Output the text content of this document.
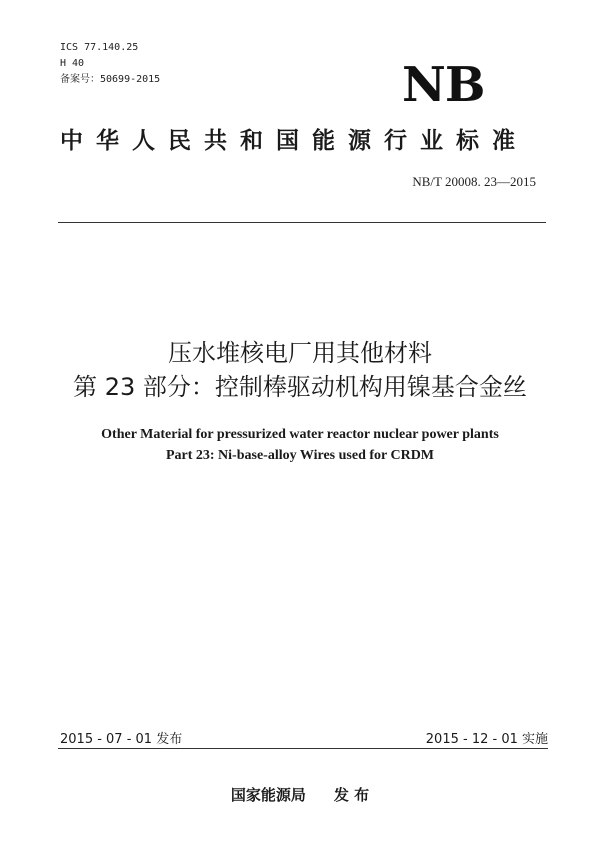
ICS 77.140.25
H 40
备案号：50699-2015	NB
中华人民共和国能源行业标准
NB/T 20008. 23—2015
压水堆核电厂用其他材料
第 23 部分：控制棒驱动机构用镍基合金丝
Other Material for pressurized water reactor nuclear power plants
Part 23: Ni-base-alloy Wires used for CRDM
2015 - 07 - 01 发布	2015 - 12 - 01 实施
国家能源局 发 布
